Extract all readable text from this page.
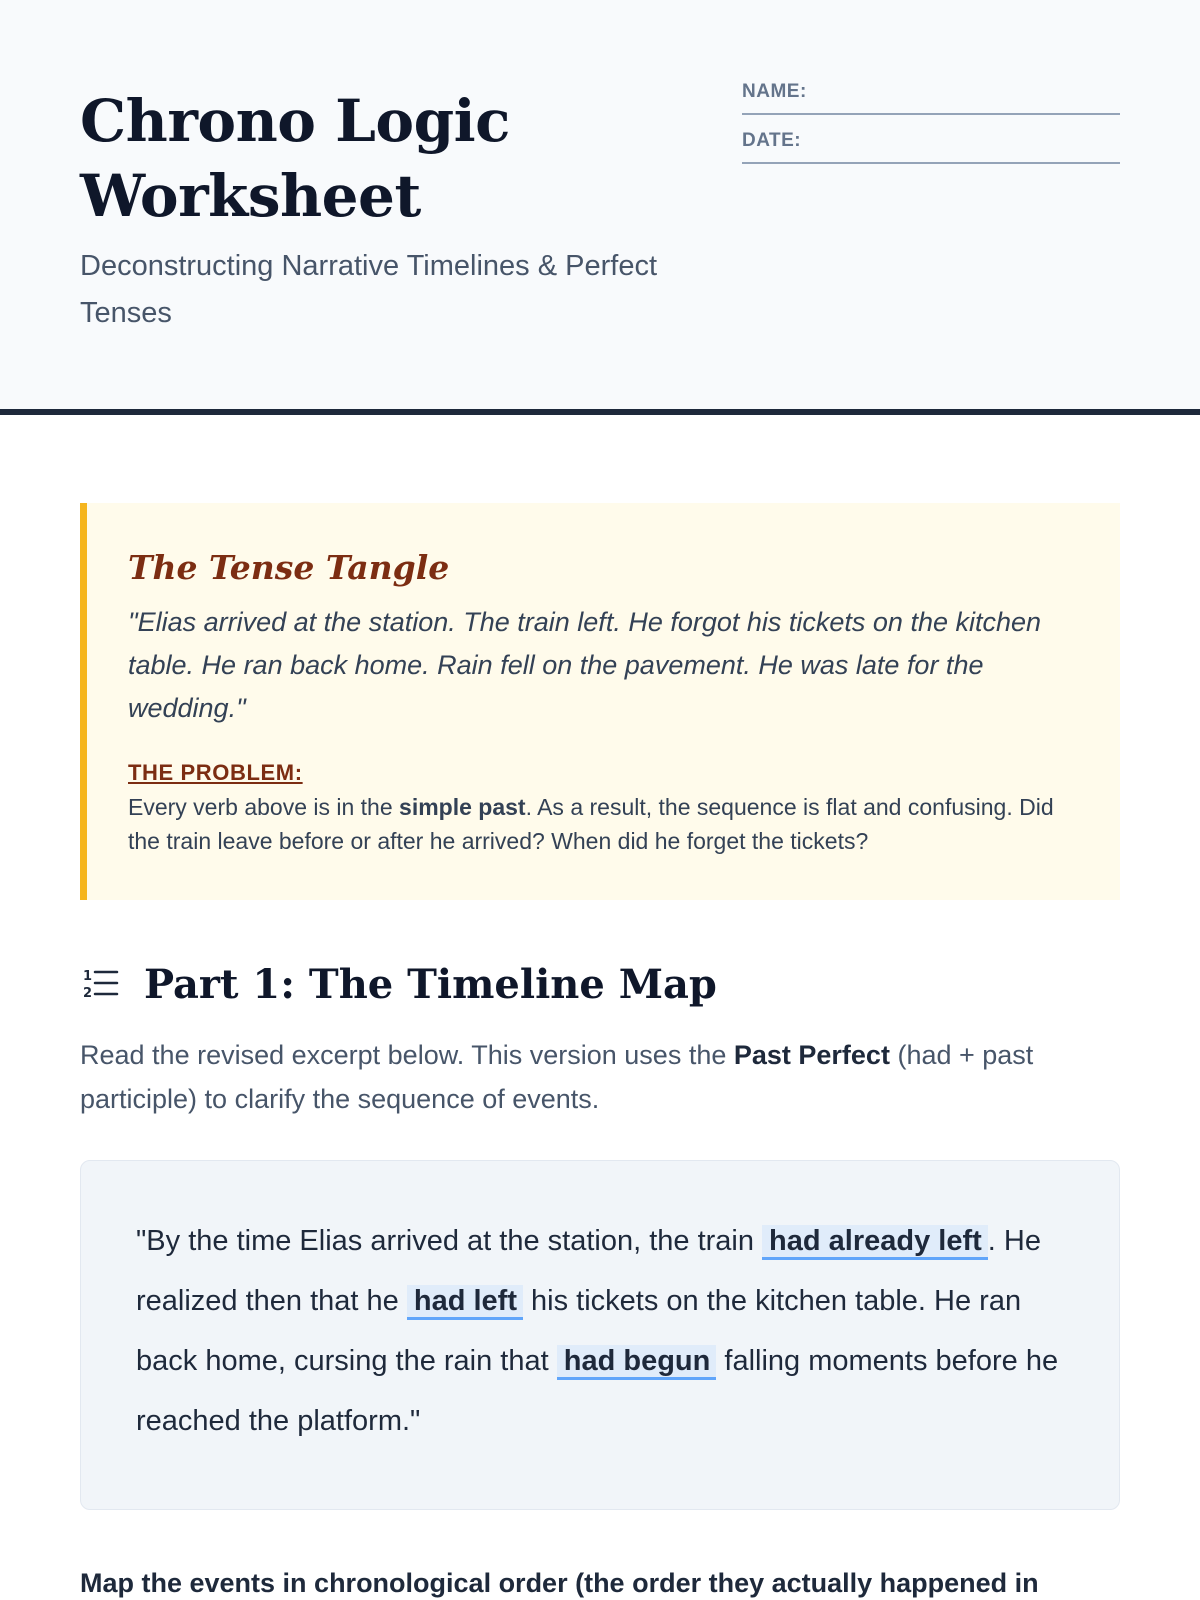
Chrono Logic Worksheet

Deconstructing Narrative Timelines & Perfect Tenses

NAME:
DATE:
The Tense Tangle

"Elias arrived at the station. The train left. He forgot his tickets on the kitchen table. He ran back home. Rain fell on the pavement. He was late for the wedding."

THE PROBLEM:

Every verb above is in the simple past. As a result, the sequence is flat and confusing. Did the train leave before or after he arrived? When did he forget the tickets?

1
2 Part 1: The Timeline Map

Read the revised excerpt below. This version uses the Past Perfect (had + past participle) to clarify the sequence of events.

"By the time Elias arrived at the station, the train had already left . He realized then that he had left his tickets on the kitchen table. He ran back home, cursing the rain that had begun falling moments before he reached the platform."

Map the events in chronological order (the order they actually happened in
